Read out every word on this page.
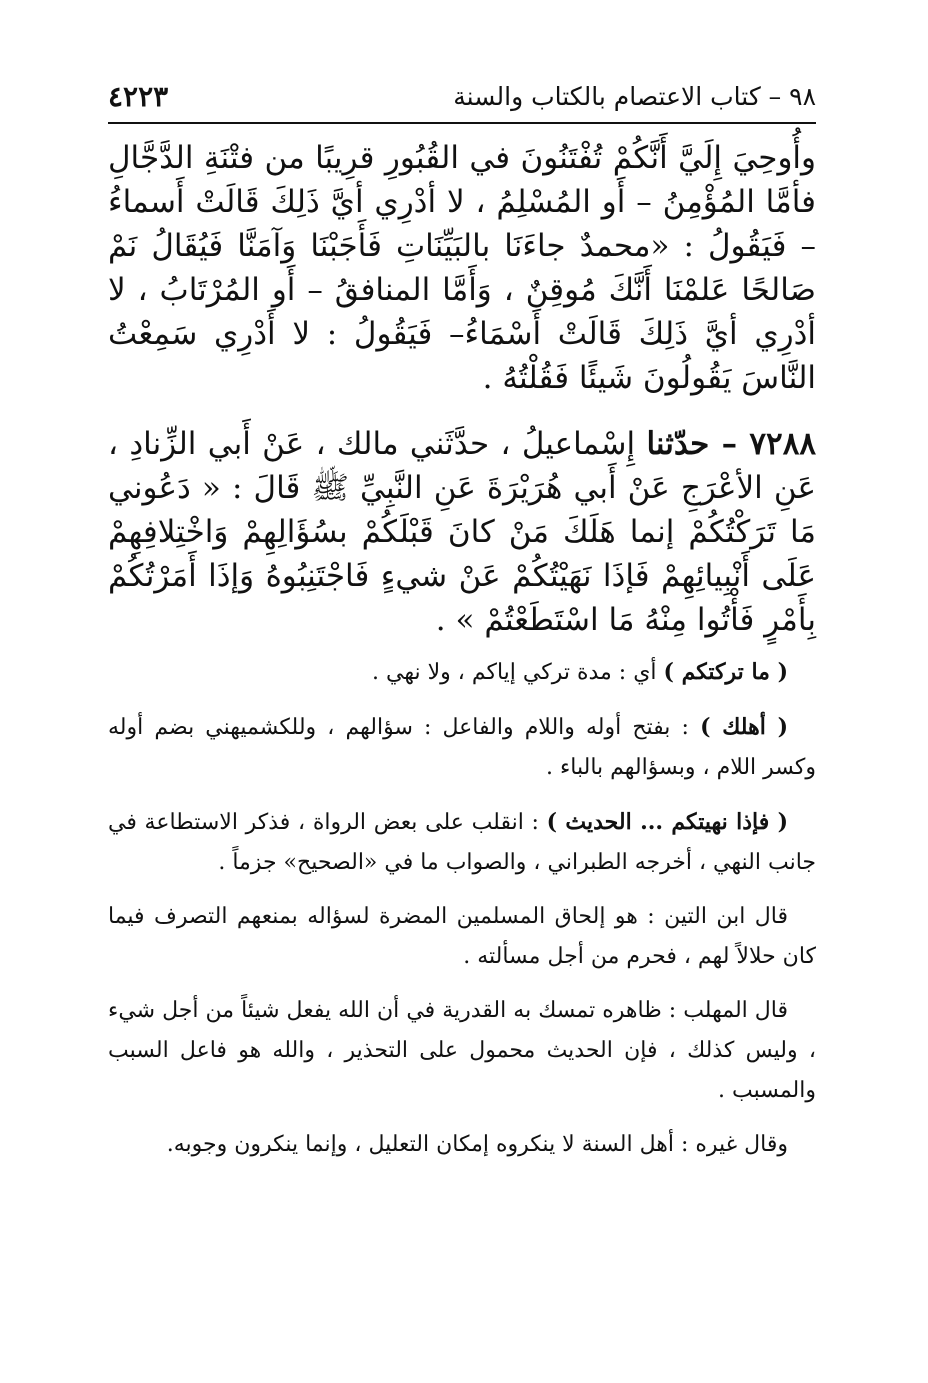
٩٨ – كتاب الاعتصام بالكتاب والسنة
٤٢٢٣

وأُوحِيَ إِلَيَّ أَنَّكُمْ تُفْتَنُونَ في القُبُورِ قرِيبًا من فتْنَةِ الدَّجَّالِ فأمَّا المُؤْمِنُ – أَو المُسْلِمُ ، لا أدْرِي أيَّ ذَلِكَ قَالَتْ أَسماءُ – فَيَقُولُ : «محمدٌ جاءَنَا بالبَيِّنَاتِ فَأَجَبْنَا وَآمَنَّا فَيُقَالُ نَمْ صَالحًا عَلمْنَا أَنَّكَ مُوقِنٌ ، وَأَمَّا المنافقُ – أَو المُرْتَابُ ، لا أدْرِي أيَّ ذَلِكَ قَالَتْ أَسْمَاءُ– فَيَقُولُ : لا أَدْرِي سَمِعْتُ النَّاسَ يَقُولُونَ شَيئًا فَقُلْتُهُ .

٧٢٨٨ – حدّثنا إِسْماعيلُ ، حدَّثَني مالك ، عَنْ أَبي الزِّنادِ ، عَنِ الأعْرَجِ عَنْ أَبي هُرَيْرَةَ عَنِ النَّبِيِّ ﷺ قَالَ : « دَعُوني مَا تَرَكْتُكُمْ إنما هَلَكَ مَنْ كانَ قَبْلَكُمْ بسُؤَالِهِمْ وَاخْتِلافِهِمْ عَلَى أَنْبِيائِهِمْ فَإذَا نَهَيْتُكُمْ عَنْ شيءٍ فَاجْتَنِبُوهُ وَإذَا أَمَرْتُكُمْ بِأَمْرٍ فَأْتُوا مِنْهُ مَا اسْتَطَعْتُمْ » .

( ما تركتكم ) أي : مدة تركي إياكم ، ولا نهي .

( أهلك ) : بفتح أوله واللام والفاعل : سؤالهم ، وللكشميهني بضم أوله وكسر اللام ، وبسؤالهم بالباء .

( فإذا نهيتكم ... الحديث ) : انقلب على بعض الرواة ، فذكر الاستطاعة في جانب النهي ، أخرجه الطبراني ، والصواب ما في «الصحيح» جزماً .

قال ابن التين : هو إلحاق المسلمين المضرة لسؤاله بمنعهم التصرف فيما كان حلالاً لهم ، فحرم من أجل مسألته .

قال المهلب : ظاهره تمسك به القدرية في أن الله يفعل شيئاً من أجل شيء ، وليس كذلك ، فإن الحديث محمول على التحذير ، والله هو فاعل السبب والمسبب .

وقال غيره : أهل السنة لا ينكروه إمكان التعليل ، وإنما ينكرون وجوبه.
